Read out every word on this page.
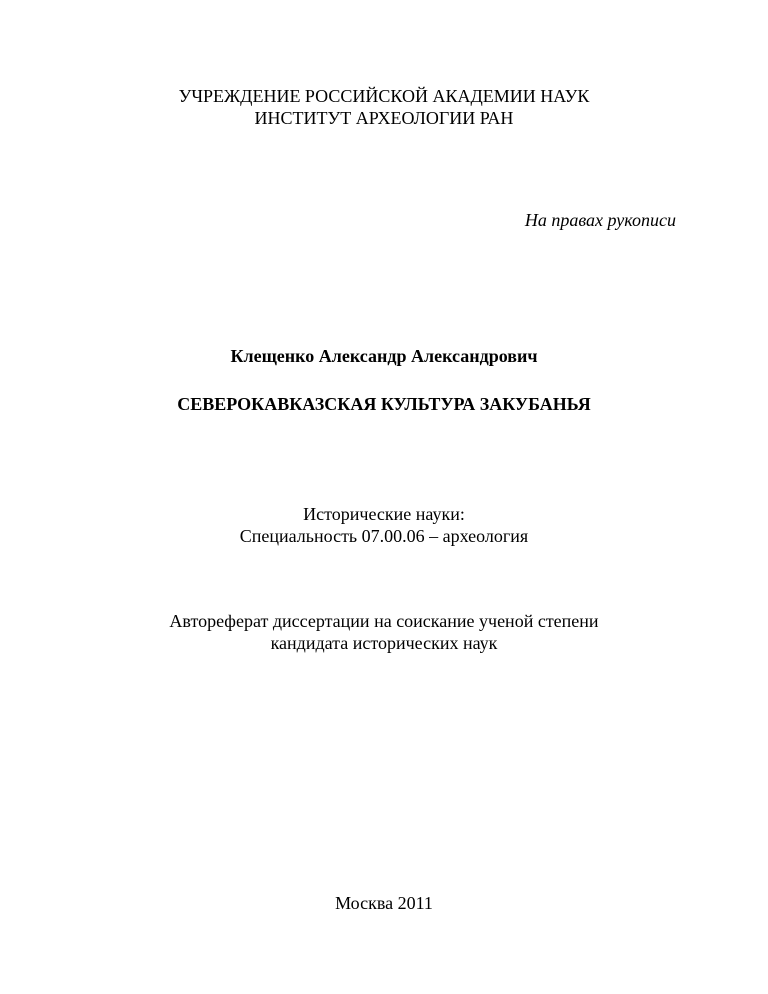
УЧРЕЖДЕНИЕ РОССИЙСКОЙ АКАДЕМИИ НАУК
ИНСТИТУТ АРХЕОЛОГИИ РАН
На правах рукописи
Клещенко Александр Александрович
СЕВЕРОКАВКАЗСКАЯ КУЛЬТУРА ЗАКУБАНЬЯ
Исторические науки:
Специальность 07.00.06 – археология
Автореферат диссертации на соискание ученой степени
кандидата исторических наук
Москва 2011
